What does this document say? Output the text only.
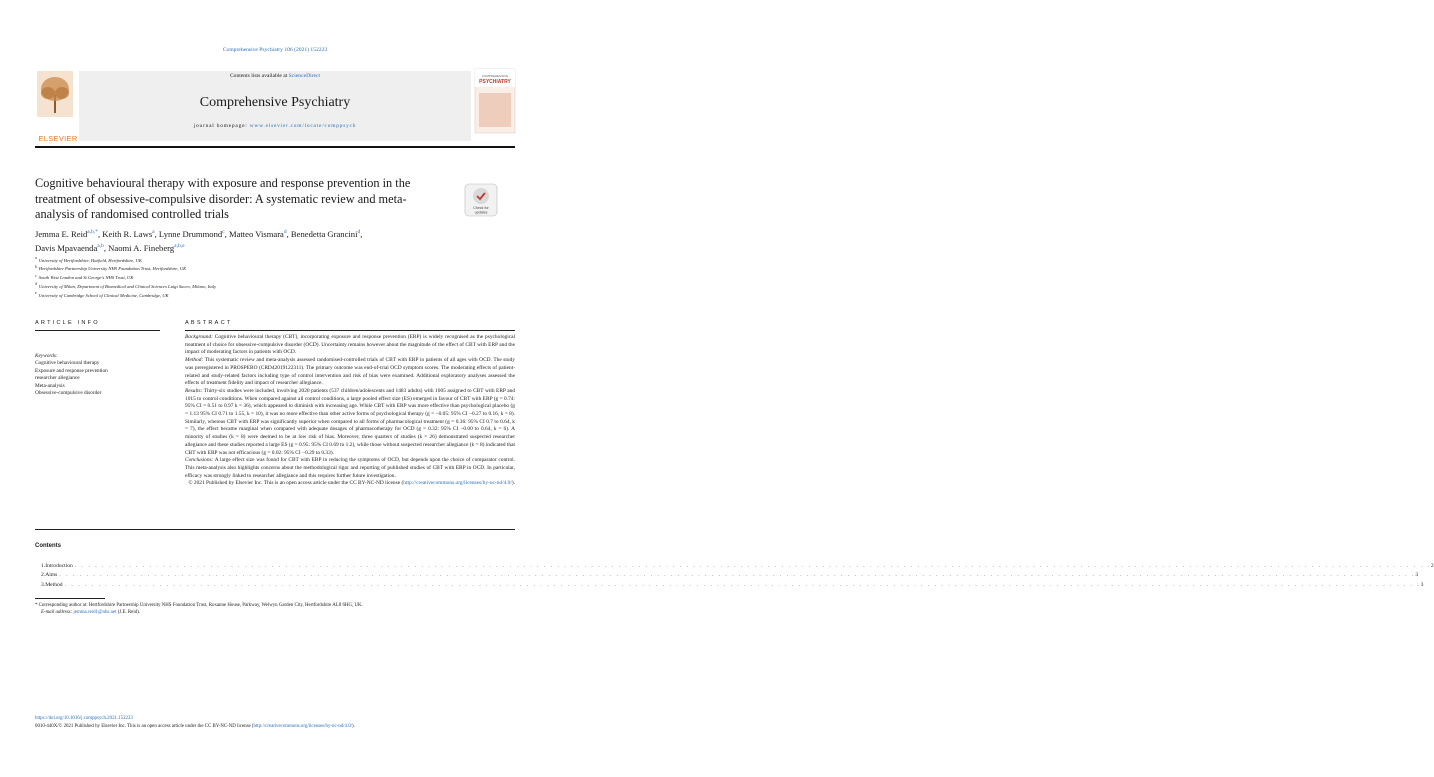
Comprehensive Psychiatry 106 (2021) 152223
ELSEVIER
Contents lists available at ScienceDirect
Comprehensive Psychiatry
journal homepage: www.elsevier.com/locate/comppsych
COMPREHENSIVE
PSYCHIATRY
Cognitive behavioural therapy with exposure and response prevention in the treatment of obsessive-compulsive disorder: A systematic review and meta-analysis of randomised controlled trials	Check for
updates
Jemma E. Reid$^{a,b,*}$, Keith R. Laws$^a$, Lynne Drummond$^c$, Matteo Vismara$^d$, Benedetta Grancini$^d$,
Davis Mpavaenda$^{a,b}$, Naomi A. Fineberg$^{a,b,e}$
$^a$ University of Hertfordshire, Hatfield, Hertfordshire, UK
$^b$ Hertfordshire Partnership University NHS Foundation Trust, Hertfordshire, UK
$^c$ South West London and St George's NHS Trust, UK
$^d$ University of Milan, Department of Biomedical and Clinical Sciences Luigi Sacco, Milano, Italy
$^e$ University of Cambridge School of Clinical Medicine, Cambridge, UK
ARTICLE INFO	ABSTRACT
Keywords:
Cognitive behavioural therapy
Exposure and response prevention
researcher allegiance
Meta-analysis
Obsessive-compulsive disorder

Background: Cognitive behavioural therapy (CBT), incorporating exposure and response prevention (ERP) is widely recognised as the psychological treatment of choice for obsessive-compulsive disorder (OCD). Uncertainty remains however about the magnitude of the effect of CBT with ERP and the impact of moderating factors in patients with OCD.

Method: This systematic review and meta-analysis assessed randomised-controlled trials of CBT with ERP in patients of all ages with OCD. The study was preregistered in PROSPERO (CRD42019122311). The primary outcome was end-of-trial OCD symptom scores. The moderating effects of patient-related and study-related factors including type of control intervention and risk of bias were examined. Additional exploratory analyses assessed the effects of treatment fidelity and impact of researcher allegiance.

Results: Thirty-six studies were included, involving 2020 patients (537 children/adolescents and 1483 adults) with 1005 assigned to CBT with ERP and 1015 to control conditions. When compared against all control conditions, a large pooled effect size (ES) emerged in favour of CBT with ERP (g = 0.74: 95% CI = 0.51 to 0.97 k = 36), which appeared to diminish with increasing age. While CBT with ERP was more effective than psychological placebo (g = 1.13 95% CI 0.71 to 1.55, k = 10), it was no more effective than other active forms of psychological therapy (g = −0.05: 95% CI −0.27 to 0.16, k = 8). Similarly, whereas CBT with ERP was significantly superior when compared to all forms of pharmacological treatment (g = 0.36: 95% CI 0.7 to 0.64, k = 7), the effect became marginal when compared with adequate dosages of pharmacotherapy for OCD (g = 0.32: 95% CI −0.00 to 0.64, k = 6). A minority of studies (k = 8) were deemed to be at low risk of bias. Moreover, three quarters of studies (k = 26) demonstrated suspected researcher allegiance and these studies reported a large ES (g = 0.95: 95% CI 0.69 to 1.2), while those without suspected researcher allegiance (k = 8) indicated that CBT with ERP was not efficacious (g = 0.02: 95% CI −0.29 to 0.33).

Conclusions: A large effect size was found for CBT with ERP in reducing the symptoms of OCD, but depends upon the choice of comparator control. This meta-analysis also highlights concerns about the methodological rigor and reporting of published studies of CBT with ERP in OCD. In particular, efficacy was strongly linked to researcher allegiance and this requires further future investigation.

© 2021 Published by Elsevier Inc. This is an open access article under the CC BY-NC-ND license (http://creativecommons.org/licenses/by-nc-nd/4.0/).

Contents
1. Introduction . . . . . . . . . . . . . . . . . . . . . . . . . . . . . . . . . . . . . . . . . . . . . . . . . . . . . . . . . . . . . . . . . . . . . . . . . . . . . . . . . . . . . . . . . . . . . . . . . . . . . . . . . . . . . . . . . . . . . . . . . . . . . . . . . . . . . . . . . . . . . . . . . . . . . . . . . . . . . . . . . . . . . . . . . . . . . . . . . . . . . . . . . . . . . . . . . . . . . . . . 2
2. Aims . . . . . . . . . . . . . . . . . . . . . . . . . . . . . . . . . . . . . . . . . . . . . . . . . . . . . . . . . . . . . . . . . . . . . . . . . . . . . . . . . . . . . . . . . . . . . . . . . . . . . . . . . . . . . . . . . . . . . . . . . . . . . . . . . . . . . . . . . . . . . . . . . . . . . . . . . . . . . . . . . . . . . . . . . . . . . . . . . . . . . . . . . . . . . . . . . . . . . . . . 3
3. Method . . . . . . . . . . . . . . . . . . . . . . . . . . . . . . . . . . . . . . . . . . . . . . . . . . . . . . . . . . . . . . . . . . . . . . . . . . . . . . . . . . . . . . . . . . . . . . . . . . . . . . . . . . . . . . . . . . . . . . . . . . . . . . . . . . . . . . . . . . . . . . . . . . . . . . . . . . . . . . . . . . . . . . . . . . . . . . . . . . . . . . . . . . . . . . . . . . . . . . . . 3
* Corresponding author at: Hertfordshire Partnership University NHS Foundation Trust, Roxanne House, Parkway, Welwyn Garden City, Hertfordshire AL8 6HG, UK.
E-mail address: jemma.reid1@nhs.net (J.E. Reid).
https://doi.org/10.1016/j.comppsych.2021.152223
0010-440X/© 2021 Published by Elsevier Inc. This is an open access article under the CC BY-NC-ND license (http://creativecommons.org/licenses/by-nc-nd/4.0/).
